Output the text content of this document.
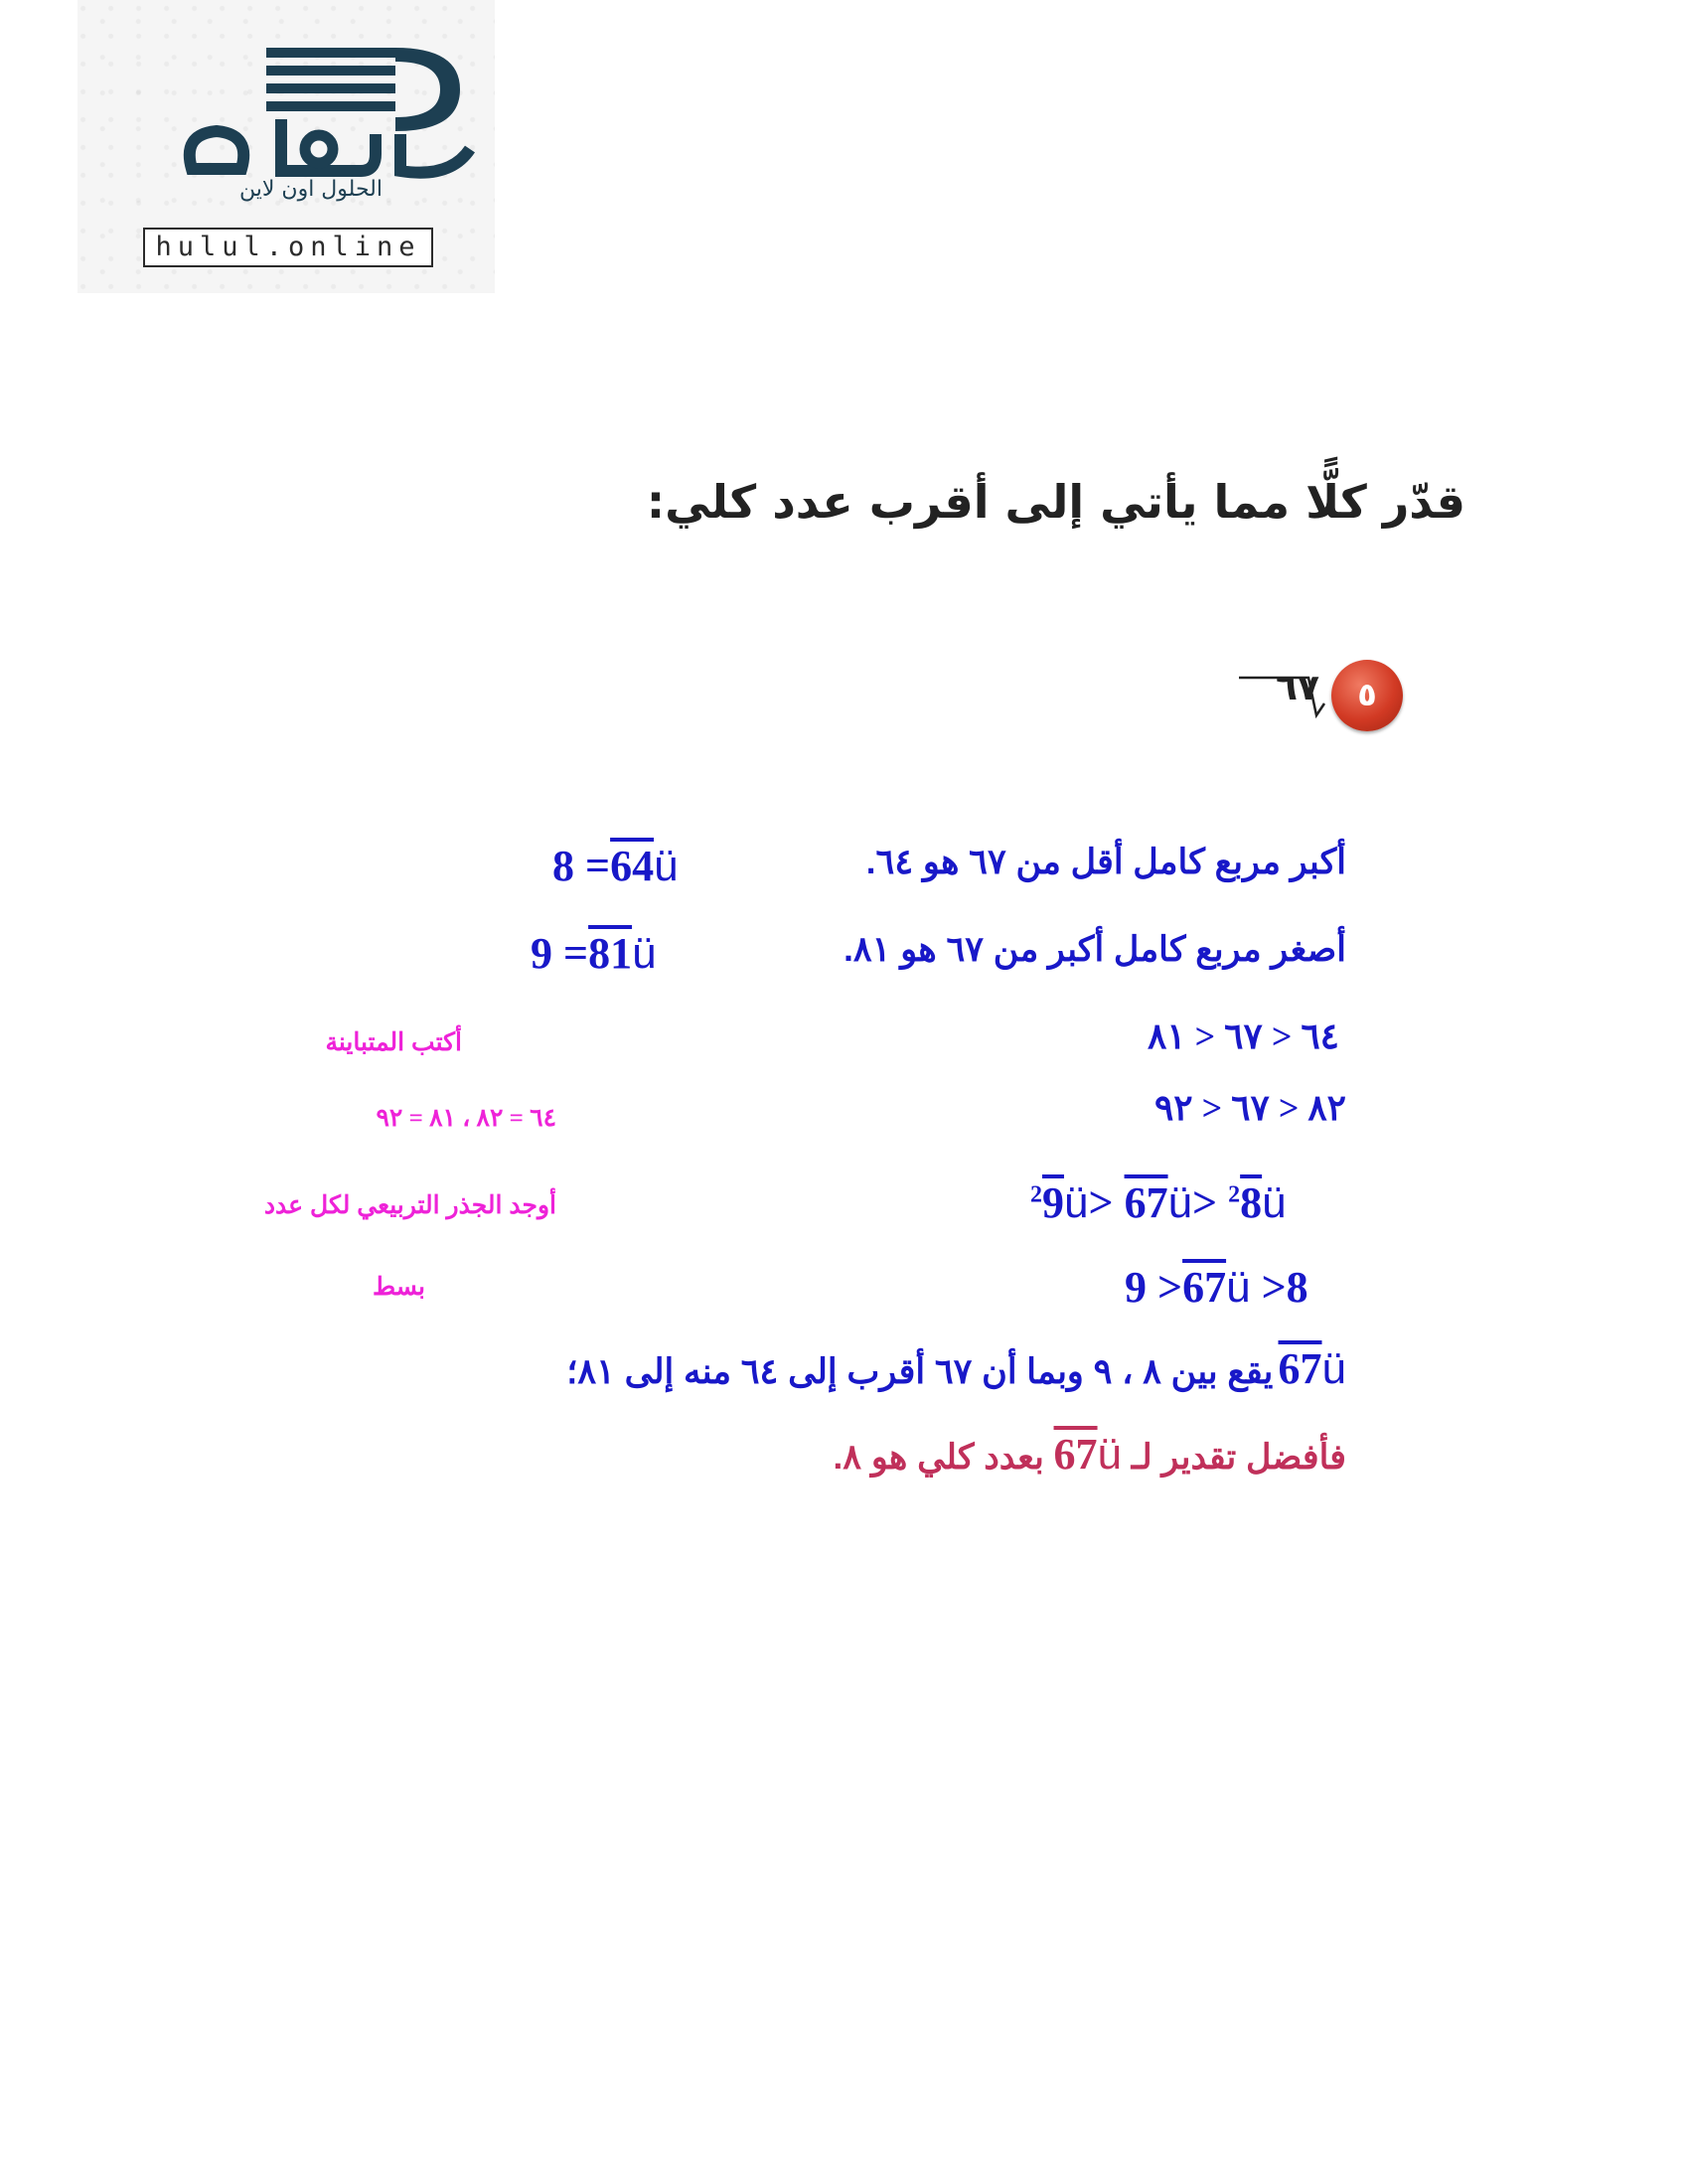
الحلول اون لاين
hulul.online
قدّر كلًّا مما يأتي إلى أقرب عدد كلي:
٥
٦٧
أكبر مربع كامل أقل من ٦٧ هو ٦٤.
8 =64ü
أصغر مربع كامل أكبر من ٦٧ هو ٨١.
9 =81ü
٦٤ < ٦٧ < ٨١
٨٢ < ٦٧ < ٩٢
$^2$9ü> 67ü> $^2$8ü
9 >67ü >8
67ü يقع بين ٨ ، ٩ وبما أن ٦٧ أقرب إلى ٦٤ منه إلى ٨١؛
فأفضل تقدير لـ 67ü بعدد كلي هو ٨.
أكتب المتباينة
٦٤ = ٨٢ ، ٨١ = ٩٢
أوجد الجذر التربيعي لكل عدد
بسط
